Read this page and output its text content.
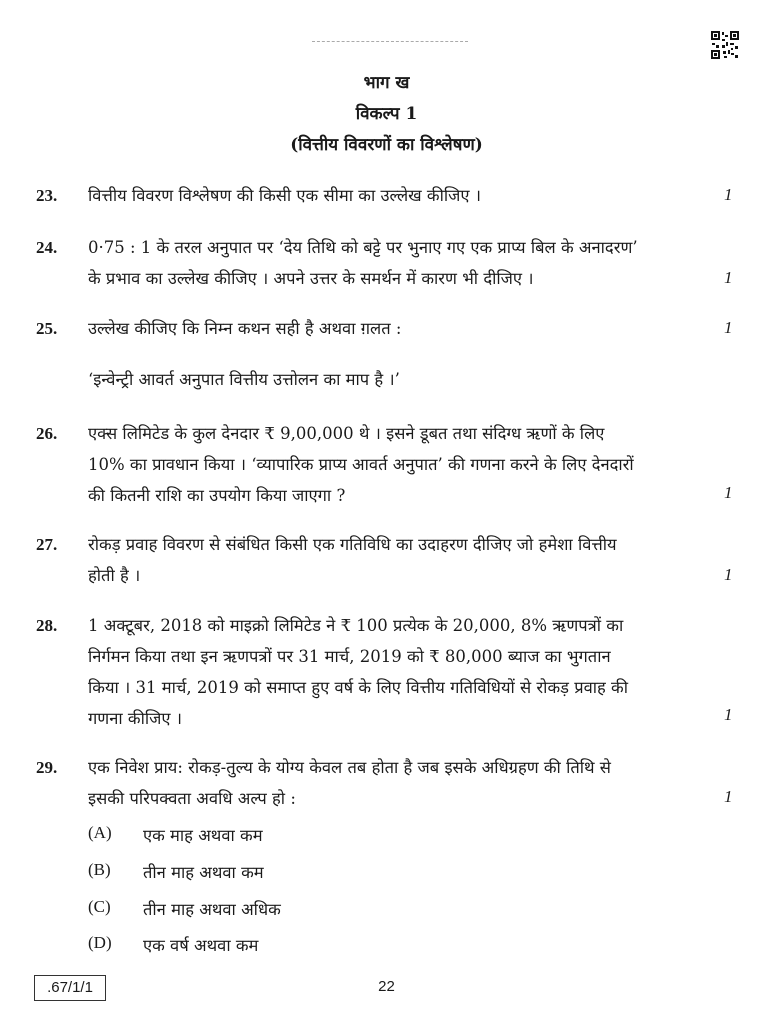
भाग ख
विकल्प 1
(वित्तीय विवरणों का विश्लेषण)
23. वित्तीय विवरण विश्लेषण की किसी एक सीमा का उल्लेख कीजिए ।	1
24. 0·75 : 1 के तरल अनुपात पर ‘देय तिथि को बट्टे पर भुनाए गए एक प्राप्य बिल के अनादरण’
के प्रभाव का उल्लेख कीजिए । अपने उत्तर के समर्थन में कारण भी दीजिए ।	1
25. उल्लेख कीजिए कि निम्न कथन सही है अथवा ग़लत :
‘इन्वेन्ट्री आवर्त अनुपात वित्तीय उत्तोलन का माप है ।’
1
26. एक्स लिमिटेड के कुल देनदार ₹ 9,00,000 थे । इसने डूबत तथा संदिग्ध ऋणों के लिए
10% का प्रावधान किया । ‘व्यापारिक प्राप्य आवर्त अनुपात’ की गणना करने के लिए देनदारों
की कितनी राशि का उपयोग किया जाएगा ?	1
27. रोकड़ प्रवाह विवरण से संबंधित किसी एक गतिविधि का उदाहरण दीजिए जो हमेशा वित्तीय
होती है ।	1
28. 1 अक्टूबर, 2018 को माइक्रो लिमिटेड ने ₹ 100 प्रत्येक के 20,000, 8% ऋणपत्रों का
निर्गमन किया तथा इन ऋणपत्रों पर 31 मार्च, 2019 को ₹ 80,000 ब्याज का भुगतान
किया । 31 मार्च, 2019 को समाप्त हुए वर्ष के लिए वित्तीय गतिविधियों से रोकड़ प्रवाह की
गणना कीजिए ।	1
29. एक निवेश प्राय: रोकड़-तुल्य के योग्य केवल तब होता है जब इसके अधिग्रहण की तिथि से
इसकी परिपक्वता अवधि अल्प हो :	1
(A) एक माह अथवा कम
(B) तीन माह अथवा कम
(C) तीन माह अथवा अधिक
(D) एक वर्ष अथवा कम
.67/1/1	22
